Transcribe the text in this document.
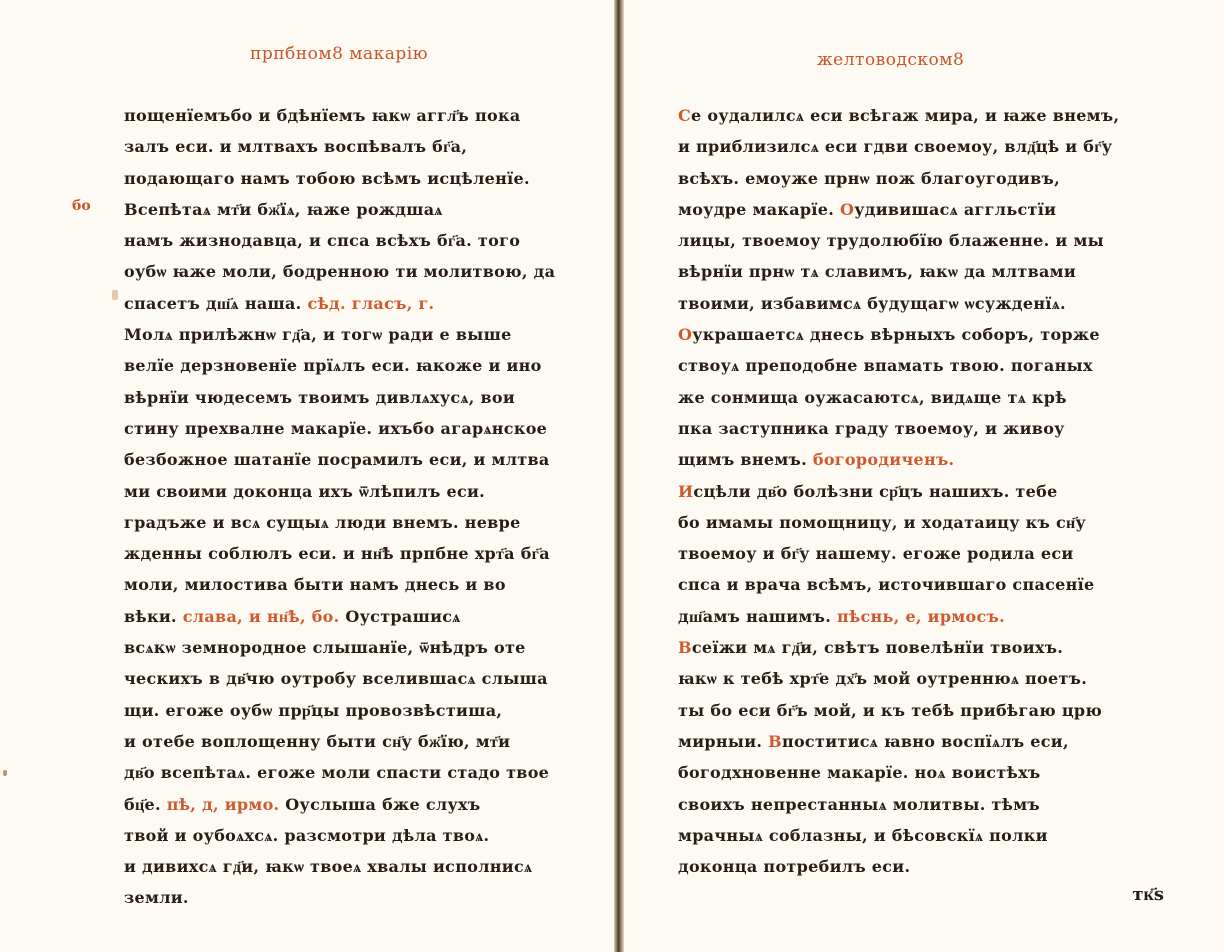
прпбном8 макарію
бо
пощенїемъбо и бдѣнїемъ ꙗкѡ аггл҃ъ пока
залъ еси. и млтвахъ воспѣвалъ бг҃а,
подающаго намъ тобою всѣмъ исцѣленїе.
Всепѣтаѧ мт҃и бж҃їѧ, ꙗже рождшаѧ
намъ жизнодавца, и спса всѣхъ бг҃а. того
оубѡ ꙗже моли, бодренною ти молитвою, да
спасетъ дш҃ѧ наша. сѣд. гласъ, г.
Молѧ прилѣжнѡ гд҃а, и тогѡ ради е выше
велїе дерзновенїе прїѧлъ еси. ꙗкоже и ино
вѣрнїи чюдесемъ твоимъ дивлѧхусѧ, вои
стину прехвалне макарїе. ихъбо агарѧнское
безбожное шатанїе посрамилъ еси, и млтва
ми своими доконца ихъ ѿлѣпилъ еси.
градъже и всѧ сущыѧ люди внемъ. невре
жденны соблюлъ еси. и нн҃ѣ прпбне хрт҃а бг҃а
моли, милостива быти намъ днесь и во
вѣки. слава, и нн҃ѣ, бо. Оустрашисѧ
всѧкѡ земнородное слышанїе, ѿнѣдръ оте
ческихъ в дв҃чю оутробу вселившасѧ слыша
щи. егоже оубѡ прр҃цы провозвѣстиша,
и отебе воплощенну быти сн҃у бж҃їю, мт҃и
дв҃о всепѣтаѧ. егоже моли спасти стадо твое
бц҃е. пѣ, д, ирмо. Оуслыша бже слухъ
твой и оубоѧхсѧ. разсмотри дѣла твоѧ.
и дивихсѧ гд҃и, ꙗкѡ твоеѧ хвалы исполнисѧ
земли.
желтоводском8
Се оудалилсѧ еси всѣгаж мира, и ꙗже внемъ,
и приблизилсѧ еси гдви своемоу, влд҃цѣ и бг҃у
всѣхъ. емоуже прнѡ пож благоугодивъ,
моудре макарїе. Оудивишасѧ аггльстїи
лицы, твоемоу трудолюбїю блаженне. и мы
вѣрнїи прнѡ тѧ славимъ, ꙗкѡ да млтвами
твоими, избавимсѧ будущагѡ ѡсужденїѧ.
Оукрашаетсѧ днесь вѣрныхъ соборъ, торже
ствоуѧ преподобне впамать твою. поганых
же сонмища оужасаютсѧ, видѧще тѧ крѣ
пка заступника граду твоемоу, и живоу
щимъ внемъ. богородиченъ.
Исцѣли дв҃о болѣзни ср҃цъ нашихъ. тебе
бо имамы помощницу, и ходатаицу къ сн҃у
твоемоу и бг҃у нашему. егоже родила еси
спса и врача всѣмъ, источившаго спасенїе
дш҃амъ нашимъ. пѣснь, е, ирмосъ.
Всеїжи мѧ гд҃и, свѣтъ повелѣнїи твоихъ.
ꙗкѡ к тебѣ хрт҃е дх҃ъ мой оутреннюѧ поетъ.
ты бо еси бг҃ъ мой, и къ тебѣ прибѣгаю црю
мирныи. Впоститисѧ ꙗвно воспїѧлъ еси,
богодхновенне макарїе. ноѧ воистѣхъ
своихъ непрестанныѧ молитвы. тѣмъ
мрачныѧ соблазны, и бѣсовскїѧ полки
доконца потребилъ еси.
тк҃ѕ
